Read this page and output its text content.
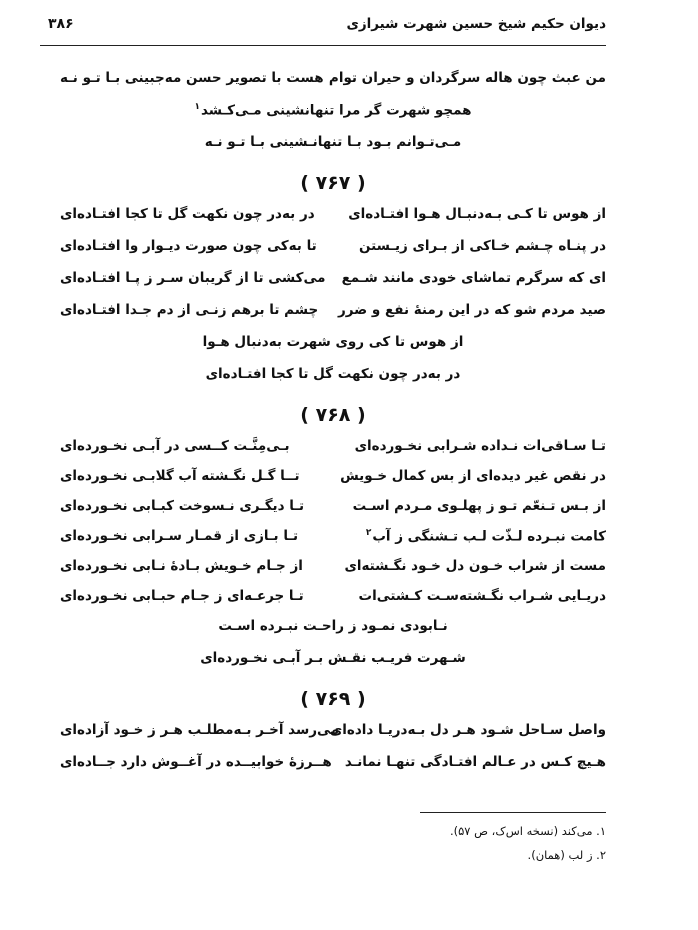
دیوان حکیم شیخ حسین شهرت شیرازی
۳۸۶
من عبث چون هاله سرگردان و حیران توام
هست با تصویر حسن مه‌جبینی بـا تـو نـه
همچو شهرت گر مرا تنهانشینی مـی‌کـشد$^۱$
مـی‌تـوانم بـود بـا تنهانـشینی بـا تـو نـه
( ۷۶۷ )
از هوس تا کـی بـه‌دنبـال هـوا افتـاده‌ای
در به‌در چون نکهت گل تا کجا افتـاده‌ای
در پنـاه چـشم خـاکی از بـرای زیـستن
تا به‌کی چون صورت دیـوار وا افتـاده‌ای
ای که سرگرم تماشای خودی مانند شـمع
می‌کشی تا از گریبان سـر ز پـا افتـاده‌ای
صید مردم شو که در این رمنهٔ نفع و ضرر
چشم تا برهم زنـی از دم جـدا افتـاده‌ای
از هوس تا کی روی شهرت به‌دنبال هـوا
در به‌در چون نکهت گل تا کجا افتـاده‌ای
( ۷۶۸ )
تـا سـاقی‌ات نـداده شـرابی نخـورده‌ای
بـی‌مِنَّـت کــسی در آبـی نخـورده‌ای
در نقص غیر دیده‌ای از بس کمال خـویش
تــا گـل نگـشته آب گلابـی نخـورده‌ای
از بـس تـنعّم تـو ز پهلـوی مـردم اسـت
تـا دیگـری نـسوخت کبـابی نخـورده‌ای
کامت نبـرده لـذّت لـب تـشنگی ز آب$^۲$
تـا بـازی از قمـار سـرابی نخـورده‌ای
مست از شراب خـون دل خـود نگـشته‌ای
از جـام خـویش بـادهٔ نـابی نخـورده‌ای
دریـایی شـراب نگـشته‌سـت کـشتی‌ات
تـا جرعـه‌ای ز جـام حبـابی نخـورده‌ای
نـابودی نمـود ز راحـت نبـرده اسـت
شـهرت فریـب نقـش بـر آبـی نخـورده‌ای
( ۷۶۹ )
واصل سـاحل شـود هـر دل بـه‌دریـا داده‌ای
می‌رسد آخـر بـه‌مطلـب هـر ز خـود آزاده‌ای
هـیچ کـس در عـالم افتـادگی تنهـا نمانـد
هــرزهٔ خوابیــده در آغــوش دارد جــاده‌ای
۱. می‌کند (نسخه اس‌ک، ص ۵۷).
۲. ز لب (همان).
